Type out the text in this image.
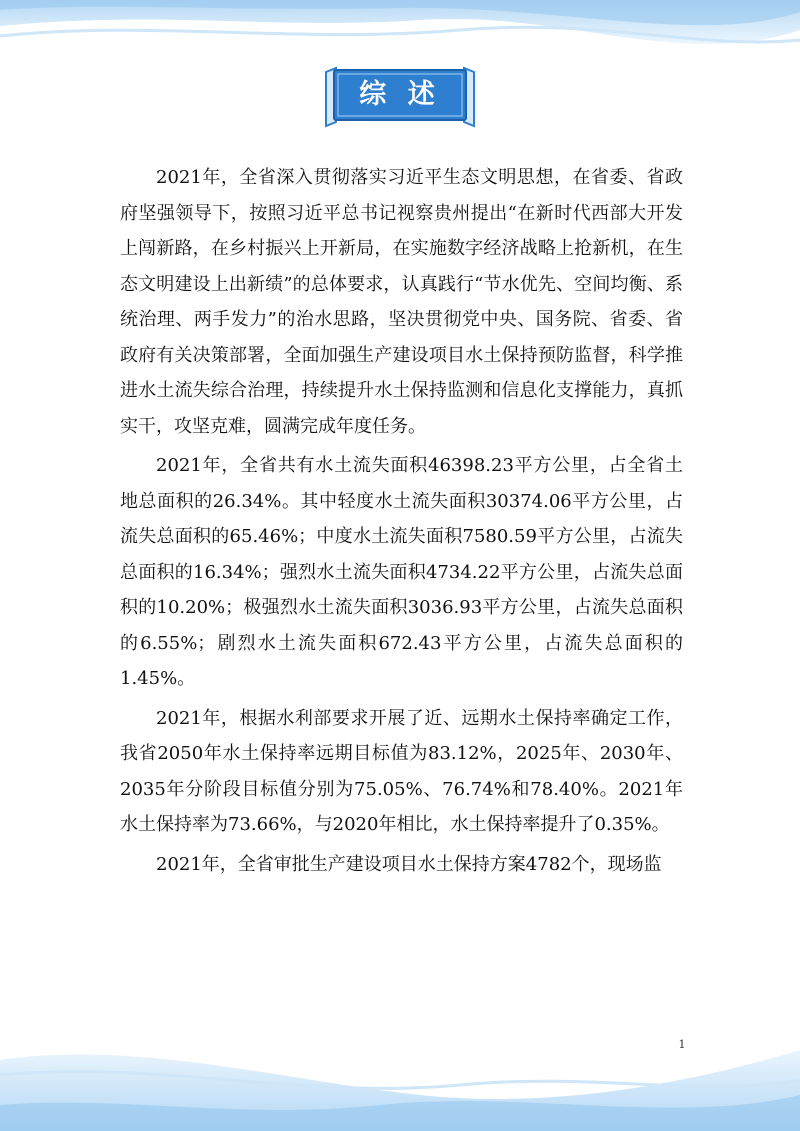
综 述

2021年，全省深入贯彻落实习近平生态文明思想，在省委、省政府坚强领导下，按照习近平总书记视察贵州提出“在新时代西部大开发上闯新路，在乡村振兴上开新局，在实施数字经济战略上抢新机，在生态文明建设上出新绩”的总体要求，认真践行“节水优先、空间均衡、系统治理、两手发力”的治水思路，坚决贯彻党中央、国务院、省委、省政府有关决策部署，全面加强生产建设项目水土保持预防监督，科学推进水土流失综合治理，持续提升水土保持监测和信息化支撑能力，真抓实干，攻坚克难，圆满完成年度任务。

2021年，全省共有水土流失面积46398.23平方公里，占全省土地总面积的26.34%。其中轻度水土流失面积30374.06平方公里，占流失总面积的65.46%；中度水土流失面积7580.59平方公里，占流失总面积的16.34%；强烈水土流失面积4734.22平方公里，占流失总面积的10.20%；极强烈水土流失面积3036.93平方公里，占流失总面积的6.55%；剧烈水土流失面积672.43平方公里，占流失总面积的1.45%。

2021年，根据水利部要求开展了近、远期水土保持率确定工作，我省2050年水土保持率远期目标值为83.12%，2025年、2030年、2035年分阶段目标值分别为75.05%、76.74%和78.40%。2021年水土保持率为73.66%，与2020年相比，水土保持率提升了0.35%。

2021年，全省审批生产建设项目水土保持方案4782个，现场监

1
